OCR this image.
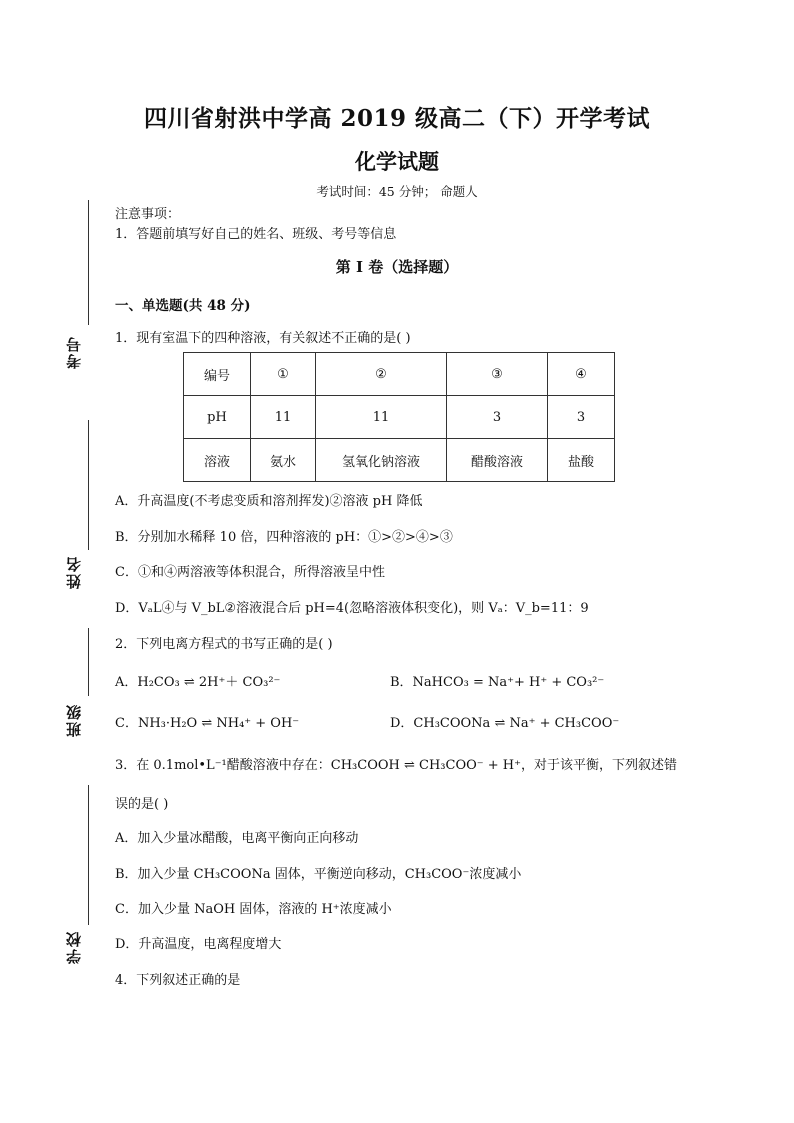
四川省射洪中学高 2019 级高二（下）开学考试
化学试题
考试时间：45 分钟； 命题人
注意事项：
1．答题前填写好自己的姓名、班级、考号等信息
第 I 卷（选择题）
一、单选题(共 48 分)
考号
姓名
班级
学校
1．现有室温下的四种溶液，有关叙述不正确的是( )
编号	①	②	③	④
pH	11	11	3	3
溶液	氨水	氢氧化钠溶液	醋酸溶液	盐酸
A．升高温度(不考虑变质和溶剂挥发)②溶液 pH 降低
B．分别加水稀释 10 倍，四种溶液的 pH：①>②>④>③
C．①和④两溶液等体积混合，所得溶液呈中性
D．VₐL④与 V_bL②溶液混合后 pH=4(忽略溶液体积变化)，则 Vₐ：V_b=11：9
2．下列电离方程式的书写正确的是( )
A．H₂CO₃ ⇌ 2H⁺＋ CO₃²⁻	B．NaHCO₃ = Na⁺+ H⁺ + CO₃²⁻
C．NH₃·H₂O ⇌ NH₄⁺ + OH⁻	D．CH₃COONa ⇌ Na⁺ + CH₃COO⁻
3．在 0.1mol•L⁻¹醋酸溶液中存在：CH₃COOH ⇌ CH₃COO⁻ + H⁺，对于该平衡，下列叙述错
误的是( )
A．加入少量冰醋酸，电离平衡向正向移动
B．加入少量 CH₃COONa 固体，平衡逆向移动，CH₃COO⁻浓度减小
C．加入少量 NaOH 固体，溶液的 H⁺浓度减小
D．升高温度，电离程度增大
4．下列叙述正确的是
